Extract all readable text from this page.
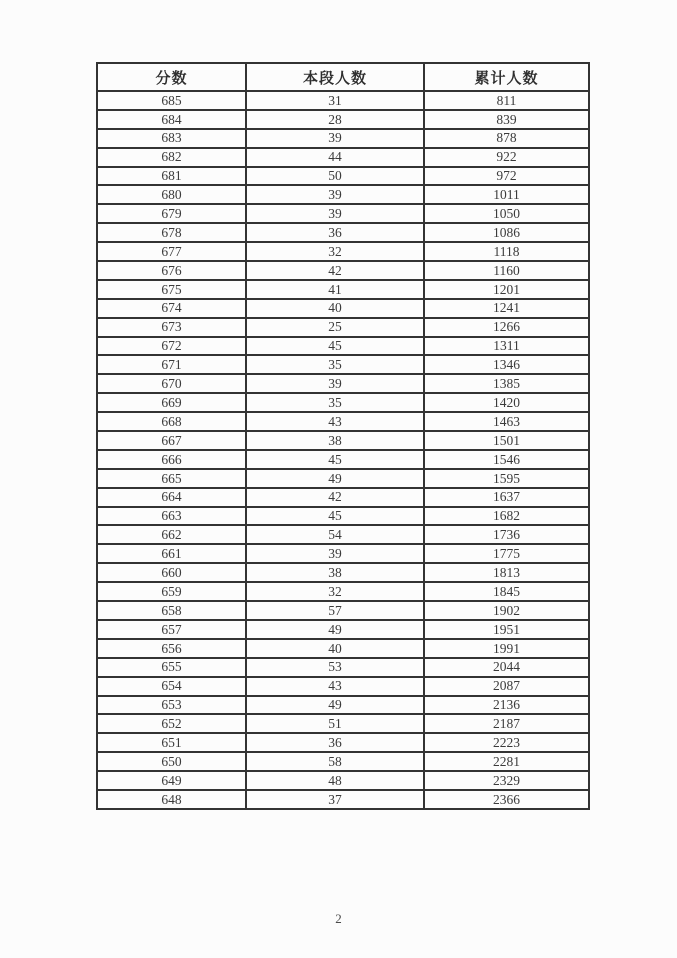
分数	本段人数	累计人数
685	31	811
684	28	839
683	39	878
682	44	922
681	50	972
680	39	1011
679	39	1050
678	36	1086
677	32	1118
676	42	1160
675	41	1201
674	40	1241
673	25	1266
672	45	1311
671	35	1346
670	39	1385
669	35	1420
668	43	1463
667	38	1501
666	45	1546
665	49	1595
664	42	1637
663	45	1682
662	54	1736
661	39	1775
660	38	1813
659	32	1845
658	57	1902
657	49	1951
656	40	1991
655	53	2044
654	43	2087
653	49	2136
652	51	2187
651	36	2223
650	58	2281
649	48	2329
648	37	2366
2
